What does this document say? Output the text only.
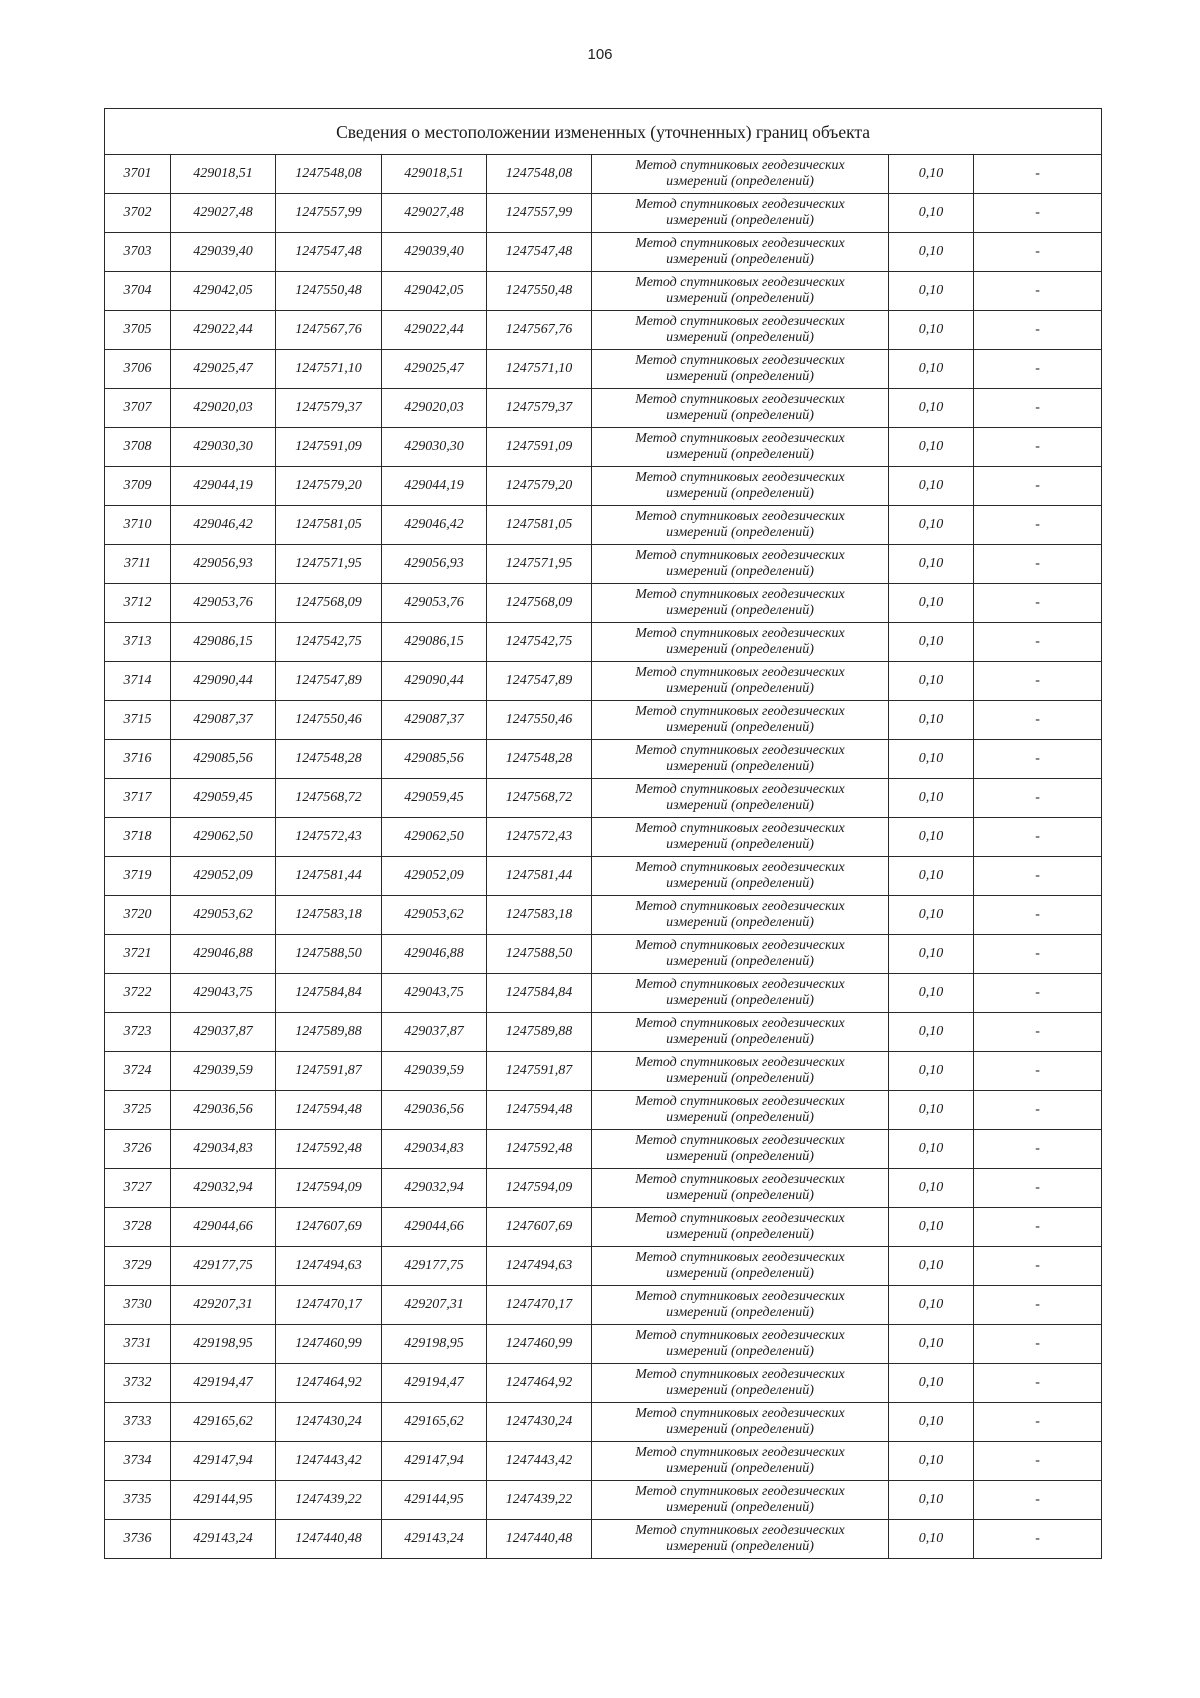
106
Сведения о местоположении измененных (уточненных) границ объекта							
3701	429018,51	1247548,08	429018,51	1247548,08	Метод спутниковых геодезических
измерений (определений)	0,10	-
3702	429027,48	1247557,99	429027,48	1247557,99	Метод спутниковых геодезических
измерений (определений)	0,10	-
3703	429039,40	1247547,48	429039,40	1247547,48	Метод спутниковых геодезических
измерений (определений)	0,10	-
3704	429042,05	1247550,48	429042,05	1247550,48	Метод спутниковых геодезических
измерений (определений)	0,10	-
3705	429022,44	1247567,76	429022,44	1247567,76	Метод спутниковых геодезических
измерений (определений)	0,10	-
3706	429025,47	1247571,10	429025,47	1247571,10	Метод спутниковых геодезических
измерений (определений)	0,10	-
3707	429020,03	1247579,37	429020,03	1247579,37	Метод спутниковых геодезических
измерений (определений)	0,10	-
3708	429030,30	1247591,09	429030,30	1247591,09	Метод спутниковых геодезических
измерений (определений)	0,10	-
3709	429044,19	1247579,20	429044,19	1247579,20	Метод спутниковых геодезических
измерений (определений)	0,10	-
3710	429046,42	1247581,05	429046,42	1247581,05	Метод спутниковых геодезических
измерений (определений)	0,10	-
3711	429056,93	1247571,95	429056,93	1247571,95	Метод спутниковых геодезических
измерений (определений)	0,10	-
3712	429053,76	1247568,09	429053,76	1247568,09	Метод спутниковых геодезических
измерений (определений)	0,10	-
3713	429086,15	1247542,75	429086,15	1247542,75	Метод спутниковых геодезических
измерений (определений)	0,10	-
3714	429090,44	1247547,89	429090,44	1247547,89	Метод спутниковых геодезических
измерений (определений)	0,10	-
3715	429087,37	1247550,46	429087,37	1247550,46	Метод спутниковых геодезических
измерений (определений)	0,10	-
3716	429085,56	1247548,28	429085,56	1247548,28	Метод спутниковых геодезических
измерений (определений)	0,10	-
3717	429059,45	1247568,72	429059,45	1247568,72	Метод спутниковых геодезических
измерений (определений)	0,10	-
3718	429062,50	1247572,43	429062,50	1247572,43	Метод спутниковых геодезических
измерений (определений)	0,10	-
3719	429052,09	1247581,44	429052,09	1247581,44	Метод спутниковых геодезических
измерений (определений)	0,10	-
3720	429053,62	1247583,18	429053,62	1247583,18	Метод спутниковых геодезических
измерений (определений)	0,10	-
3721	429046,88	1247588,50	429046,88	1247588,50	Метод спутниковых геодезических
измерений (определений)	0,10	-
3722	429043,75	1247584,84	429043,75	1247584,84	Метод спутниковых геодезических
измерений (определений)	0,10	-
3723	429037,87	1247589,88	429037,87	1247589,88	Метод спутниковых геодезических
измерений (определений)	0,10	-
3724	429039,59	1247591,87	429039,59	1247591,87	Метод спутниковых геодезических
измерений (определений)	0,10	-
3725	429036,56	1247594,48	429036,56	1247594,48	Метод спутниковых геодезических
измерений (определений)	0,10	-
3726	429034,83	1247592,48	429034,83	1247592,48	Метод спутниковых геодезических
измерений (определений)	0,10	-
3727	429032,94	1247594,09	429032,94	1247594,09	Метод спутниковых геодезических
измерений (определений)	0,10	-
3728	429044,66	1247607,69	429044,66	1247607,69	Метод спутниковых геодезических
измерений (определений)	0,10	-
3729	429177,75	1247494,63	429177,75	1247494,63	Метод спутниковых геодезических
измерений (определений)	0,10	-
3730	429207,31	1247470,17	429207,31	1247470,17	Метод спутниковых геодезических
измерений (определений)	0,10	-
3731	429198,95	1247460,99	429198,95	1247460,99	Метод спутниковых геодезических
измерений (определений)	0,10	-
3732	429194,47	1247464,92	429194,47	1247464,92	Метод спутниковых геодезических
измерений (определений)	0,10	-
3733	429165,62	1247430,24	429165,62	1247430,24	Метод спутниковых геодезических
измерений (определений)	0,10	-
3734	429147,94	1247443,42	429147,94	1247443,42	Метод спутниковых геодезических
измерений (определений)	0,10	-
3735	429144,95	1247439,22	429144,95	1247439,22	Метод спутниковых геодезических
измерений (определений)	0,10	-
3736	429143,24	1247440,48	429143,24	1247440,48	Метод спутниковых геодезических
измерений (определений)	0,10	-
